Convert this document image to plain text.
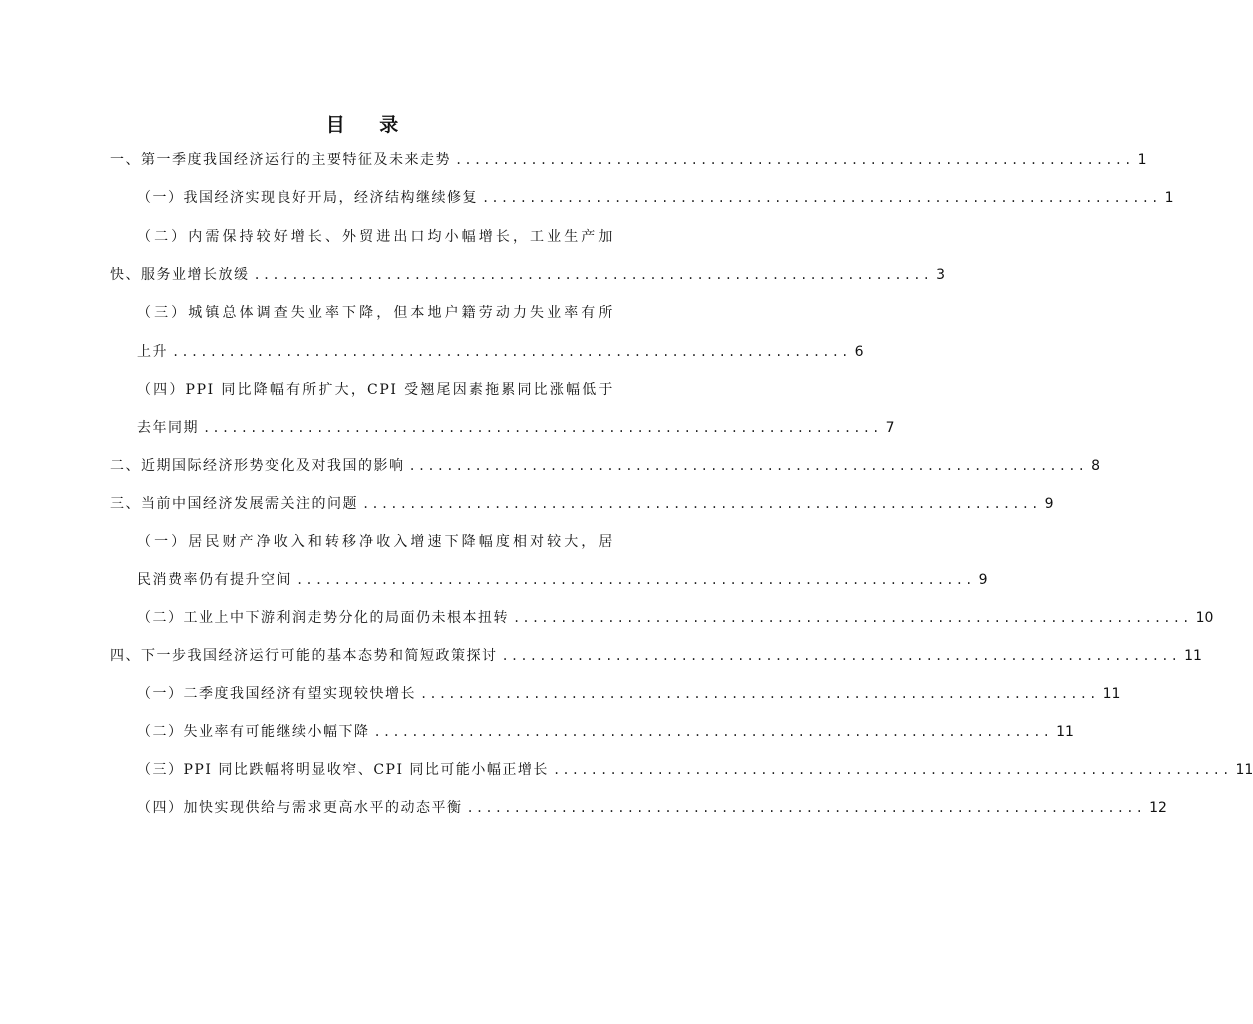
目 录
一、第一季度我国经济运行的主要特征及未来走势 ........................................................................ 1
（一）我国经济实现良好开局，经济结构继续修复 ........................................................................ 1
（二）内需保持较好增长、外贸进出口均小幅增长，工业生产加
快、服务业增长放缓 ........................................................................ 3
（三）城镇总体调查失业率下降，但本地户籍劳动力失业率有所
上升 ........................................................................ 6
（四）PPI 同比降幅有所扩大，CPI 受翘尾因素拖累同比涨幅低于
去年同期 ........................................................................ 7
二、近期国际经济形势变化及对我国的影响 ........................................................................ 8
三、当前中国经济发展需关注的问题 ........................................................................ 9
（一）居民财产净收入和转移净收入增速下降幅度相对较大，居
民消费率仍有提升空间 ........................................................................ 9
（二）工业上中下游利润走势分化的局面仍未根本扭转 ........................................................................ 10
四、下一步我国经济运行可能的基本态势和简短政策探讨 ........................................................................ 11
（一）二季度我国经济有望实现较快增长 ........................................................................ 11
（二）失业率有可能继续小幅下降 ........................................................................ 11
（三）PPI 同比跌幅将明显收窄、CPI 同比可能小幅正增长 ........................................................................ 11
（四）加快实现供给与需求更高水平的动态平衡 ........................................................................ 12
